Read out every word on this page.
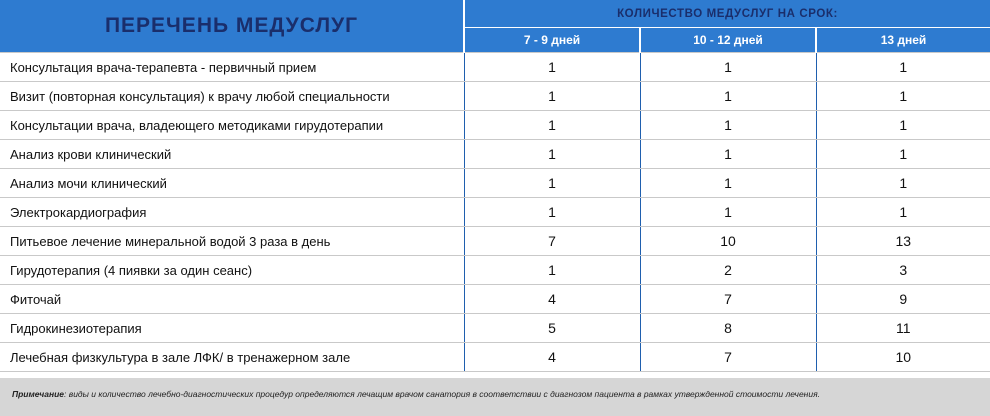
ПЕРЕЧЕНЬ МЕДУСЛУГ	КОЛИЧЕСТВО МЕДУСЛУГ НА СРОК:		
	7 - 9 дней	10 - 12 дней	13 дней
Консультация врача-терапевта - первичный прием	1	1	1
Визит (повторная консультация) к врачу любой специальности	1	1	1
Консультации врача, владеющего методиками гирудотерапии	1	1	1
Анализ крови клинический	1	1	1
Анализ мочи клинический	1	1	1
Электрокардиография	1	1	1
Питьевое лечение минеральной водой 3 раза в день	7	10	13
Гирудотерапия (4 пиявки за один сеанс)	1	2	3
Фиточай	4	7	9
Гидрокинезиотерапия	5	8	11
Лечебная физкультура в зале ЛФК/ в тренажерном зале	4	7	10
Примечание: виды и количество лечебно-диагностических процедур определяются лечащим врачом санатория в соответствии с диагнозом пациента в рамках утвержденной стоимости лечения.
